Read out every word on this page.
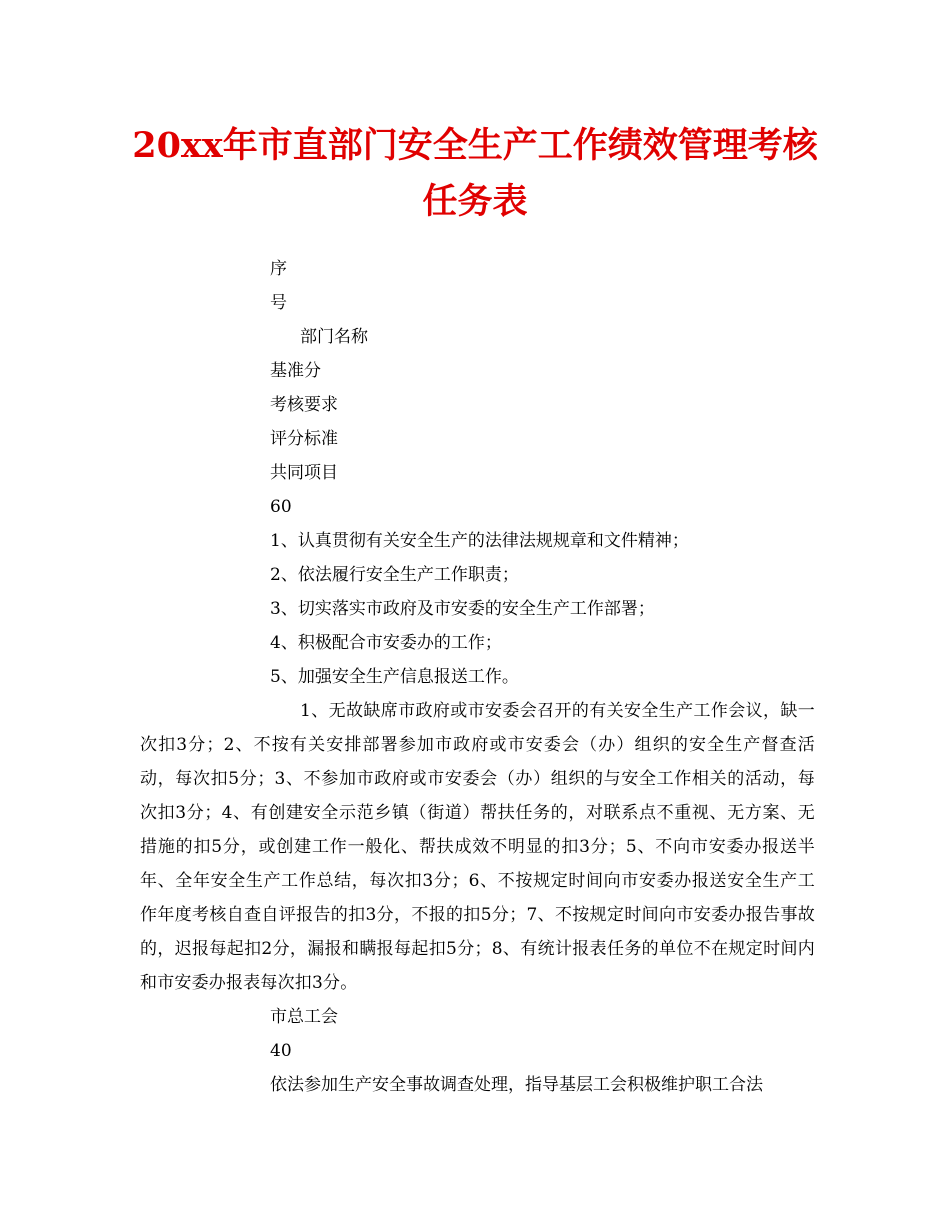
20xx年市直部门安全生产工作绩效管理考核
任务表
序
号
部门名称
基准分
考核要求
评分标准
共同项目
60
1、认真贯彻有关安全生产的法律法规规章和文件精神；
2、依法履行安全生产工作职责；
3、切实落实市政府及市安委的安全生产工作部署；
4、积极配合市安委办的工作；
5、加强安全生产信息报送工作。

1、无故缺席市政府或市安委会召开的有关安全生产工作会议，缺一次扣3分；2、不按有关安排部署参加市政府或市安委会（办）组织的安全生产督查活动，每次扣5分；3、不参加市政府或市安委会（办）组织的与安全工作相关的活动，每次扣3分；4、有创建安全示范乡镇（街道）帮扶任务的，对联系点不重视、无方案、无措施的扣5分，或创建工作一般化、帮扶成效不明显的扣3分；5、不向市安委办报送半年、全年安全生产工作总结，每次扣3分；6、不按规定时间向市安委办报送安全生产工作年度考核自查自评报告的扣3分，不报的扣5分；7、不按规定时间向市安委办报告事故的，迟报每起扣2分，漏报和瞒报每起扣5分；8、有统计报表任务的单位不在规定时间内和市安委办报表每次扣3分。

市总工会
40
依法参加生产安全事故调查处理，指导基层工会积极维护职工合法
